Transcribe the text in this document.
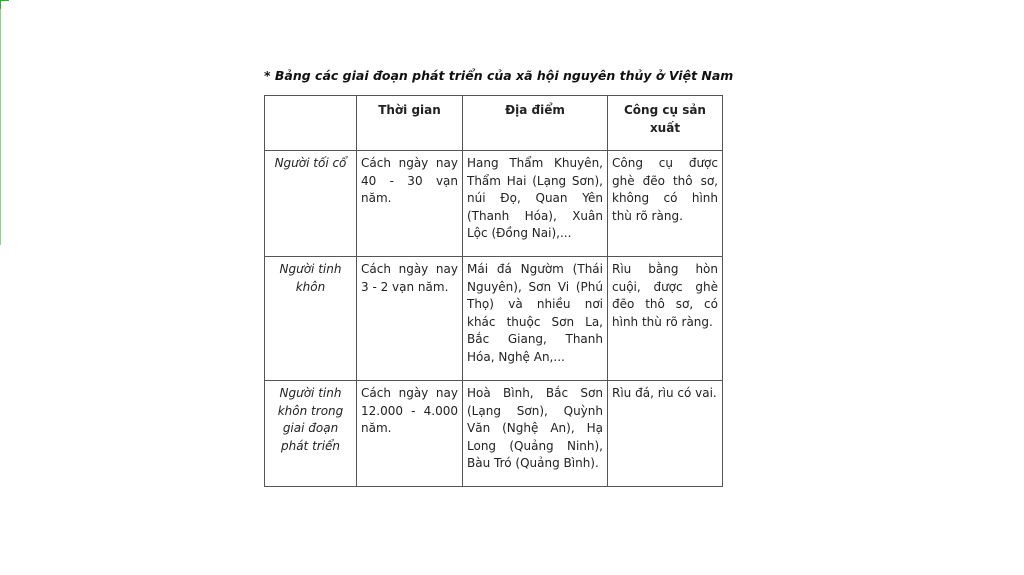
* Bảng các giai đoạn phát triển của xã hội nguyên thủy ở Việt Nam
	Thời gian	Địa điểm	Công cụ sản xuất
Người tối cổ	Cách ngày nay 40 - 30 vạn năm.	Hang Thẩm Khuyên, Thẩm Hai (Lạng Sơn), núi Đọ, Quan Yên (Thanh Hóa), Xuân Lộc (Đồng Nai),...	Công cụ được ghè đẽo thô sơ, không có hình thù rõ ràng.
Người tinh khôn	Cách ngày nay 3 - 2 vạn năm.	Mái đá Ngườm (Thái Nguyên), Sơn Vi (Phú Thọ) và nhiều nơi khác thuộc Sơn La, Bắc Giang, Thanh Hóa, Nghệ An,...	Rìu bằng hòn cuội, được ghè đẽo thô sơ, có hình thù rõ ràng.
Người tinh khôn trong giai đoạn phát triển	Cách ngày nay 12.000 - 4.000 năm.	Hoà Bình, Bắc Sơn (Lạng Sơn), Quỳnh Văn (Nghệ An), Hạ Long (Quảng Ninh), Bàu Tró (Quảng Bình).	Rìu đá, rìu có vai.
